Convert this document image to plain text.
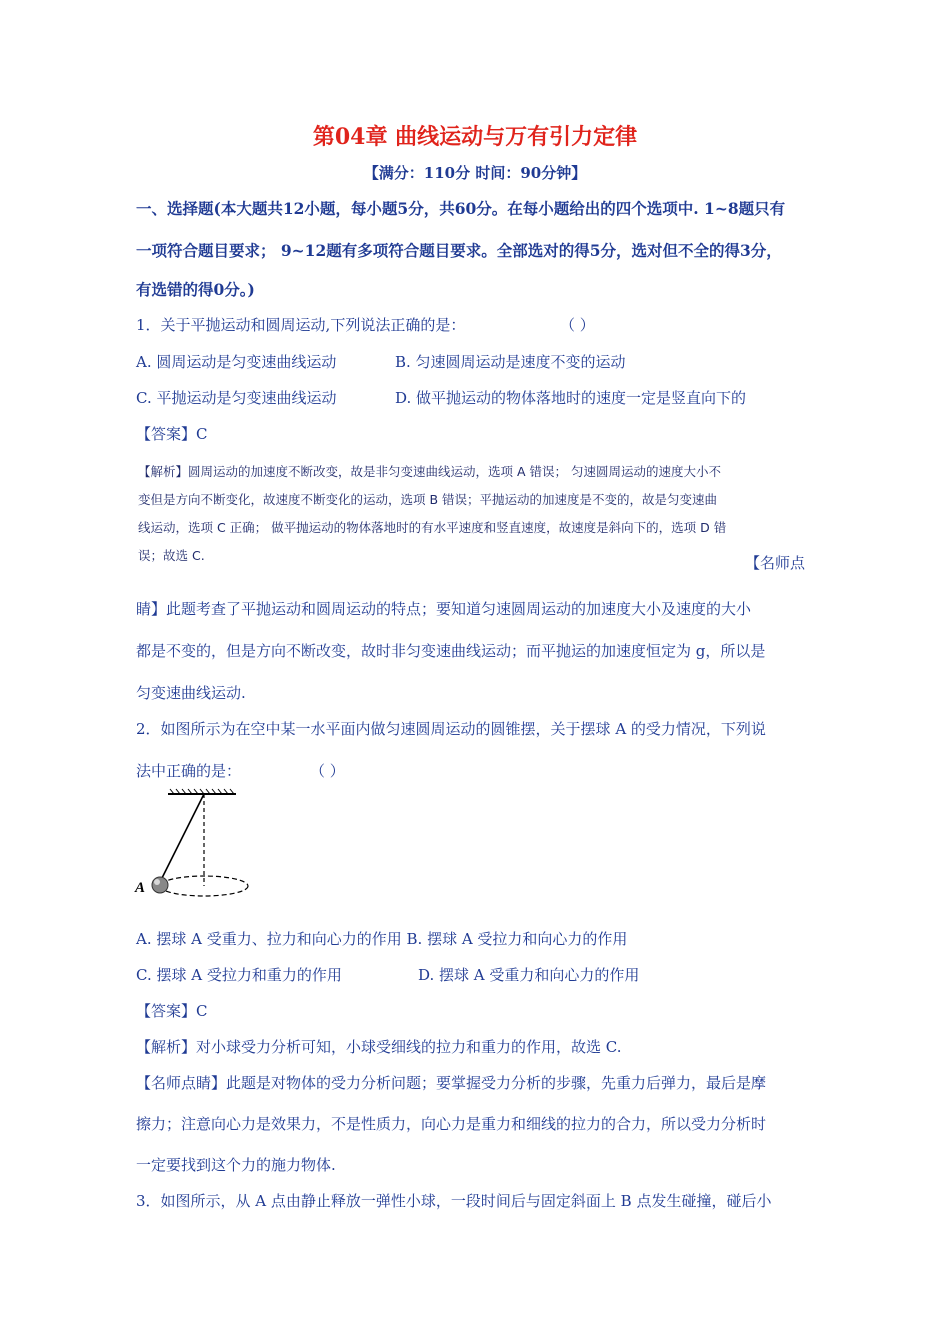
第04章 曲线运动与万有引力定律
【满分：110分 时间：90分钟】
一、选择题(本大题共12小题，每小题5分，共60分。在每小题给出的四个选项中. 1~8题只有
一项符合题目要求； 9~12题有多项符合题目要求。全部选对的得5分，选对但不全的得3分，
有选错的得0分。)
1．关于平抛运动和圆周运动,下列说法正确的是：	（ ）
A. 圆周运动是匀变速曲线运动	B. 匀速圆周运动是速度不变的运动
C. 平抛运动是匀变速曲线运动	D. 做平抛运动的物体落地时的速度一定是竖直向下的
【答案】C
【解析】圆周运动的加速度不断改变，故是非匀变速曲线运动，选项 A 错误； 匀速圆周运动的速度大小不
变但是方向不断变化，故速度不断变化的运动，选项 B 错误；平抛运动的加速度是不变的，故是匀变速曲
线运动，选项 C 正确； 做平抛运动的物体落地时的有水平速度和竖直速度，故速度是斜向下的，选项 D 错
误；故选 C.	【名师点
睛】此题考查了平抛运动和圆周运动的特点；要知道匀速圆周运动的加速度大小及速度的大小
都是不变的，但是方向不断改变，故时非匀变速曲线运动；而平抛运的加速度恒定为 g，所以是
匀变速曲线运动.
2．如图所示为在空中某一水平面内做匀速圆周运动的圆锥摆，关于摆球 A 的受力情况，下列说
法中正确的是：	（ ）
A
A. 摆球 A 受重力、拉力和向心力的作用 B. 摆球 A 受拉力和向心力的作用
C. 摆球 A 受拉力和重力的作用	D. 摆球 A 受重力和向心力的作用
【答案】C
【解析】对小球受力分析可知，小球受细线的拉力和重力的作用，故选 C.
【名师点睛】此题是对物体的受力分析问题；要掌握受力分析的步骤，先重力后弹力，最后是摩
擦力；注意向心力是效果力，不是性质力，向心力是重力和细线的拉力的合力，所以受力分析时
一定要找到这个力的施力物体.
3．如图所示，从 A 点由静止释放一弹性小球，一段时间后与固定斜面上 B 点发生碰撞，碰后小
